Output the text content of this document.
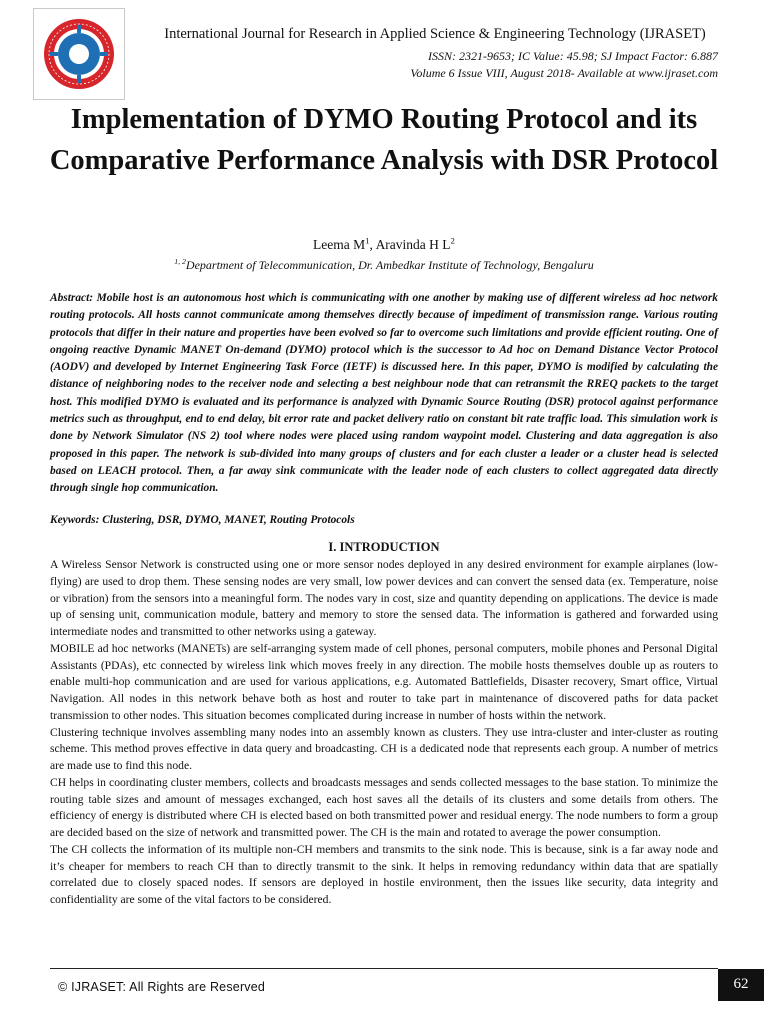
International Journal for Research in Applied Science & Engineering Technology (IJRASET)
ISSN: 2321-9653; IC Value: 45.98; SJ Impact Factor: 6.887
Volume 6 Issue VIII, August 2018- Available at www.ijraset.com
Implementation of DYMO Routing Protocol and its Comparative Performance Analysis with DSR Protocol
Leema $M^1$, Aravinda H $L^2$
$^{1, 2}$Department of Telecommunication, Dr. Ambedkar Institute of Technology, Bengaluru

Abstract: Mobile host is an autonomous host which is communicating with one another by making use of different wireless ad hoc network routing protocols. All hosts cannot communicate among themselves directly because of impediment of transmission range. Various routing protocols that differ in their nature and properties have been evolved so far to overcome such limitations and provide efficient routing. One of ongoing reactive Dynamic MANET On-demand (DYMO) protocol which is the successor to Ad hoc on Demand Distance Vector Protocol (AODV) and developed by Internet Engineering Task Force (IETF) is discussed here. In this paper, DYMO is modified by calculating the distance of neighboring nodes to the receiver node and selecting a best neighbour node that can retransmit the RREQ packets to the target host. This modified DYMO is evaluated and its performance is analyzed with Dynamic Source Routing (DSR) protocol against performance metrics such as throughput, end to end delay, bit error rate and packet delivery ratio on constant bit rate traffic load. This simulation work is done by Network Simulator (NS 2) tool where nodes were placed using random waypoint model. Clustering and data aggregation is also proposed in this paper. The network is sub-divided into many groups of clusters and for each cluster a leader or a cluster head is selected based on LEACH protocol. Then, a far away sink communicate with the leader node of each clusters to collect aggregated data directly through single hop communication.

Keywords: Clustering, DSR, DYMO, MANET, Routing Protocols
I. INTRODUCTION

A Wireless Sensor Network is constructed using one or more sensor nodes deployed in any desired environment for example airplanes (low-flying) are used to drop them. These sensing nodes are very small, low power devices and can convert the sensed data (ex. Temperature, noise or vibration) from the sensors into a meaningful form. The nodes vary in cost, size and quantity depending on applications. The device is made up of sensing unit, communication module, battery and memory to store the sensed data. The information is gathered and forwarded using intermediate nodes and transmitted to other networks using a gateway.

MOBILE ad hoc networks (MANETs) are self-arranging system made of cell phones, personal computers, mobile phones and Personal Digital Assistants (PDAs), etc connected by wireless link which moves freely in any direction. The mobile hosts themselves double up as routers to enable multi-hop communication and are used for various applications, e.g. Automated Battlefields, Disaster recovery, Smart office, Virtual Navigation. All nodes in this network behave both as host and router to take part in maintenance of discovered paths for data packet transmission to other nodes. This situation becomes complicated during increase in number of hosts within the network.

Clustering technique involves assembling many nodes into an assembly known as clusters. They use intra-cluster and inter-cluster as routing scheme. This method proves effective in data query and broadcasting. CH is a dedicated node that represents each group. A number of metrics are made use to find this node.

CH helps in coordinating cluster members, collects and broadcasts messages and sends collected messages to the base station. To minimize the routing table sizes and amount of messages exchanged, each host saves all the details of its clusters and some details from others. The efficiency of energy is distributed where CH is elected based on both transmitted power and residual energy. The node numbers to form a group are decided based on the size of network and transmitted power. The CH is the main and rotated to average the power consumption.

The CH collects the information of its multiple non-CH members and transmits to the sink node. This is because, sink is a far away node and it’s cheaper for members to reach CH than to directly transmit to the sink. It helps in removing redundancy within data that are spatially correlated due to closely spaced nodes. If sensors are deployed in hostile environment, then the issues like security, data integrity and confidentiality are some of the vital factors to be considered.

© IJRASET: All Rights are Reserved	62
